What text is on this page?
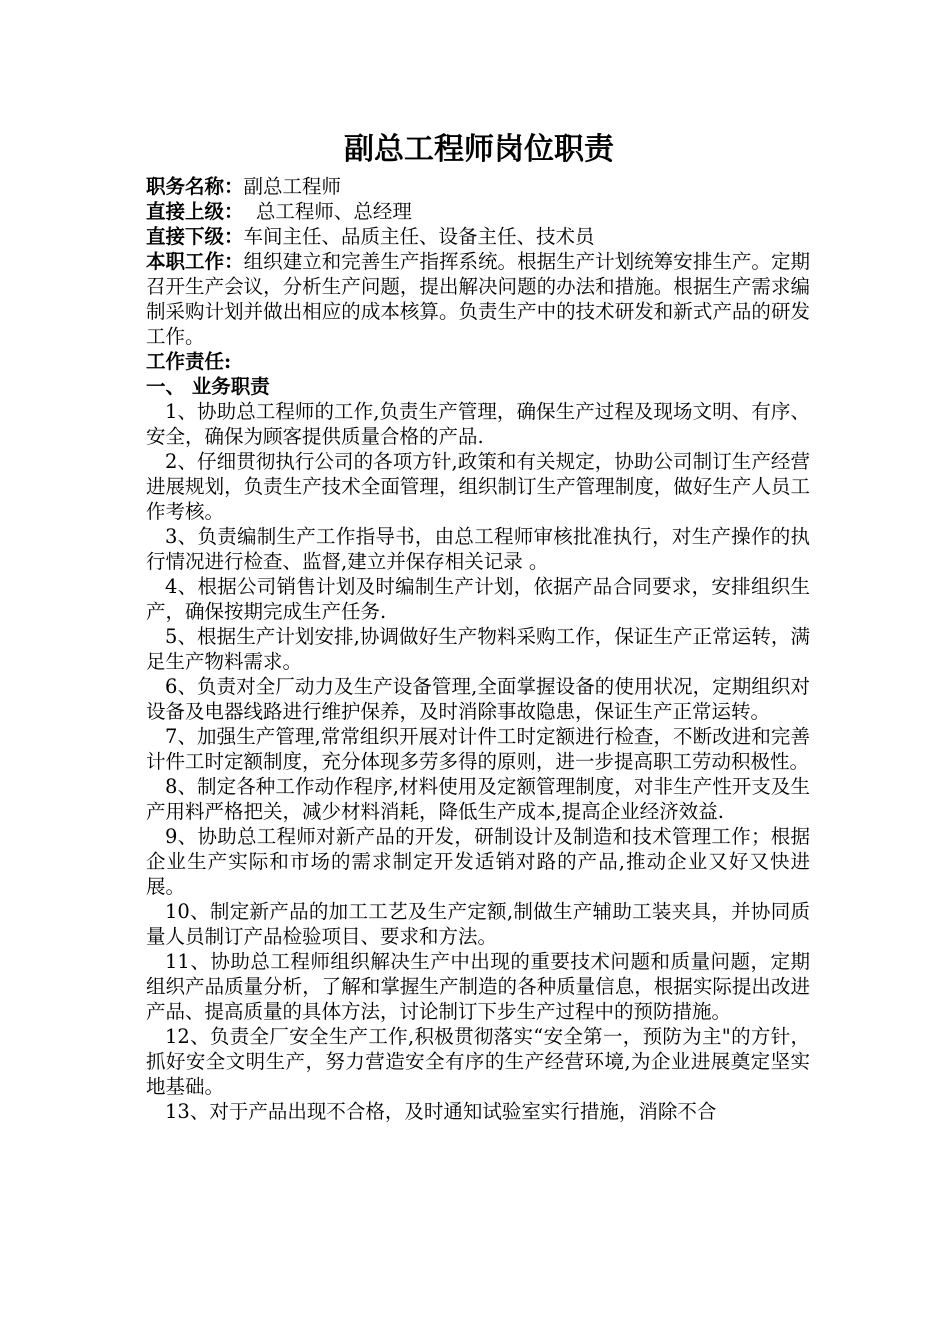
副总工程师岗位职责

职务名称：副总工程师

直接上级：  总工程师、总经理

直接下级：车间主任、品质主任、设备主任、技术员

本职工作：组织建立和完善生产指挥系统。根据生产计划统筹安排生产。定期召开生产会议，分析生产问题，提出解决问题的办法和措施。根据生产需求编制采购计划并做出相应的成本核算。负责生产中的技术研发和新式产品的研发工作。

工作责任:

一、 业务职责

1、协助总工程师的工作,负责生产管理，确保生产过程及现场文明、有序、安全，确保为顾客提供质量合格的产品.

2、仔细贯彻执行公司的各项方针,政策和有关规定，协助公司制订生产经营进展规划，负责生产技术全面管理，组织制订生产管理制度，做好生产人员工作考核。

3、负责编制生产工作指导书，由总工程师审核批准执行，对生产操作的执行情况进行检查、监督,建立并保存相关记录 。

4、根据公司销售计划及时编制生产计划，依据产品合同要求，安排组织生产，确保按期完成生产任务.

5、根据生产计划安排,协调做好生产物料采购工作，保证生产正常运转，满足生产物料需求。

6、负责对全厂动力及生产设备管理,全面掌握设备的使用状况，定期组织对设备及电器线路进行维护保养，及时消除事故隐患，保证生产正常运转。

7、加强生产管理,常常组织开展对计件工时定额进行检查，不断改进和完善计件工时定额制度，充分体现多劳多得的原则，进一步提高职工劳动积极性。

8、制定各种工作动作程序,材料使用及定额管理制度，对非生产性开支及生产用料严格把关，减少材料消耗，降低生产成本,提高企业经济效益.

9、协助总工程师对新产品的开发，研制设计及制造和技术管理工作；根据企业生产实际和市场的需求制定开发适销对路的产品,推动企业又好又快进展。

10、制定新产品的加工工艺及生产定额,制做生产辅助工装夹具，并协同质量人员制订产品检验项目、要求和方法。

11、协助总工程师组织解决生产中出现的重要技术问题和质量问题，定期组织产品质量分析，了解和掌握生产制造的各种质量信息，根据实际提出改进产品、提高质量的具体方法，讨论制订下步生产过程中的预防措施。

12、负责全厂安全生产工作,积极贯彻落实“安全第一，预防为主"的方针，抓好安全文明生产，努力营造安全有序的生产经营环境,为企业进展奠定坚实地基础。

13、对于产品出现不合格，及时通知试验室实行措施，消除不合
